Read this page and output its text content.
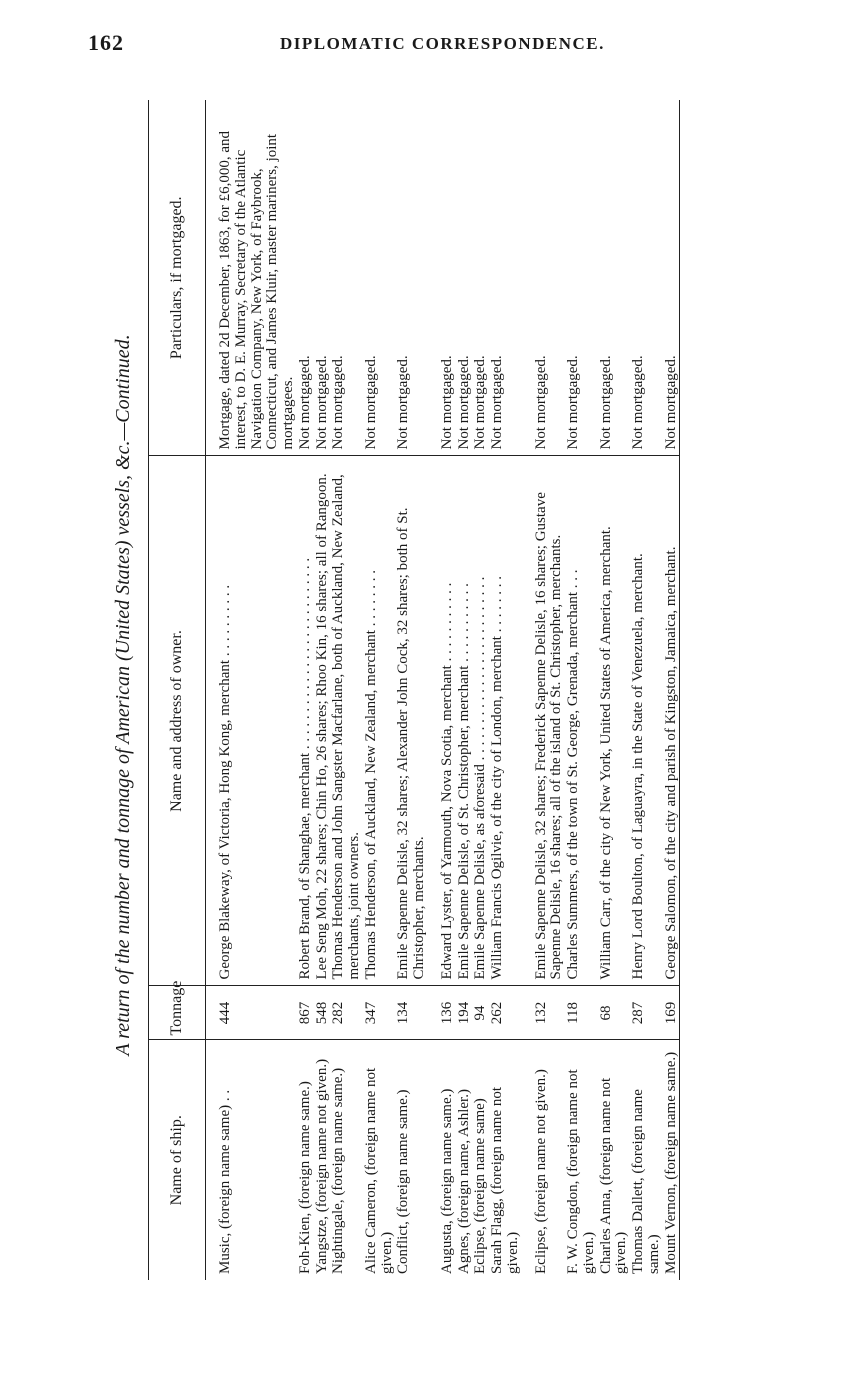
162	DIPLOMATIC CORRESPONDENCE.
A return of the number and tonnage of American (United States) vessels, &c.—Continued.
Name of ship.	Tonnage	Name and address of owner.	Particulars, if mortgaged.
Music, (foreign name same) . .	444	George Blakeway, of Victoria, Hong Kong, merchant . . . . . . . . . .	Mortgage, dated 2d December, 1863, for £6,000, and interest, to D. E. Murray, Secretary of the Atlantic Navigation Company, New York, of Faybrook, Connecticut, and James Kluir, master mariners, joint mortgagees.
Foh-Kien, (foreign name same.)	867	Robert Brand, of Shanghae, merchant . . . . . . . . . . . . . . . . . . . . . . . . . .	Not mortgaged.
Yangstze, (foreign name not given.)	548	Lee Seng Moh, 22 shares; Chin Ho, 26 shares; Rhoo Kin, 16 shares; all of Rangoon.	Not mortgaged.
Nightingale, (foreign name same.)	282	Thomas Henderson and John Sangster Macfarlane, both of Auckland, New Zealand, merchants, joint owners.	Not mortgaged.
Alice Cameron, (foreign name not given.)	347	Thomas Henderson, of Auckland, New Zealand, merchant . . . . . . . .	Not mortgaged.
Conflict, (foreign name same.)	134	Emile Sapenne Delisle, 32 shares; Alexander John Cock, 32 shares; both of St. Christopher, merchants.	Not mortgaged.
Augusta, (foreign name same.)	136	Edward Lyster, of Yarmouth, Nova Scotia, merchant . . . . . . . . . . .	Not mortgaged.
Agnes, (foreign name, Ashler.)	194	Emile Sapenne Delisle, of St. Christopher, merchant . . . . . . . . . . .	Not mortgaged.
Eclipse, (foreign name same)	94	Emile Sapenne Delisle, as aforesaid . . . . . . . . . . . . . . . . . . . . . . . . .	Not mortgaged.
Sarah Flagg, (foreign name not given.)	262	William Francis Ogilvie, of the city of London, merchant . . . . . . . .	Not mortgaged.
Eclipse, (foreign name not given.)	132	Emile Sapenne Delisle, 32 shares; Frederick Sapenne Delisle, 16 shares; Gustave Sapenne Delisle, 16 shares; all of the island of St. Christopher, merchants.	Not mortgaged.
F. W. Congdon, (foreign name not given.)	118	Charles Summers, of the town of St. George, Grenada, merchant . . .	Not mortgaged.
Charles Anna, (foreign name not given.)	68	William Carr, of the city of New York, United States of America, merchant.	Not mortgaged.
Thomas Dallett, (foreign name same.)	287	Henry Lord Boulton, of Laguayra, in the State of Venezuela, merchant.	Not mortgaged.
Mount Vernon, (foreign name same.)	169	George Salomon, of the city and parish of Kingston, Jamaica, merchant.	Not mortgaged.
